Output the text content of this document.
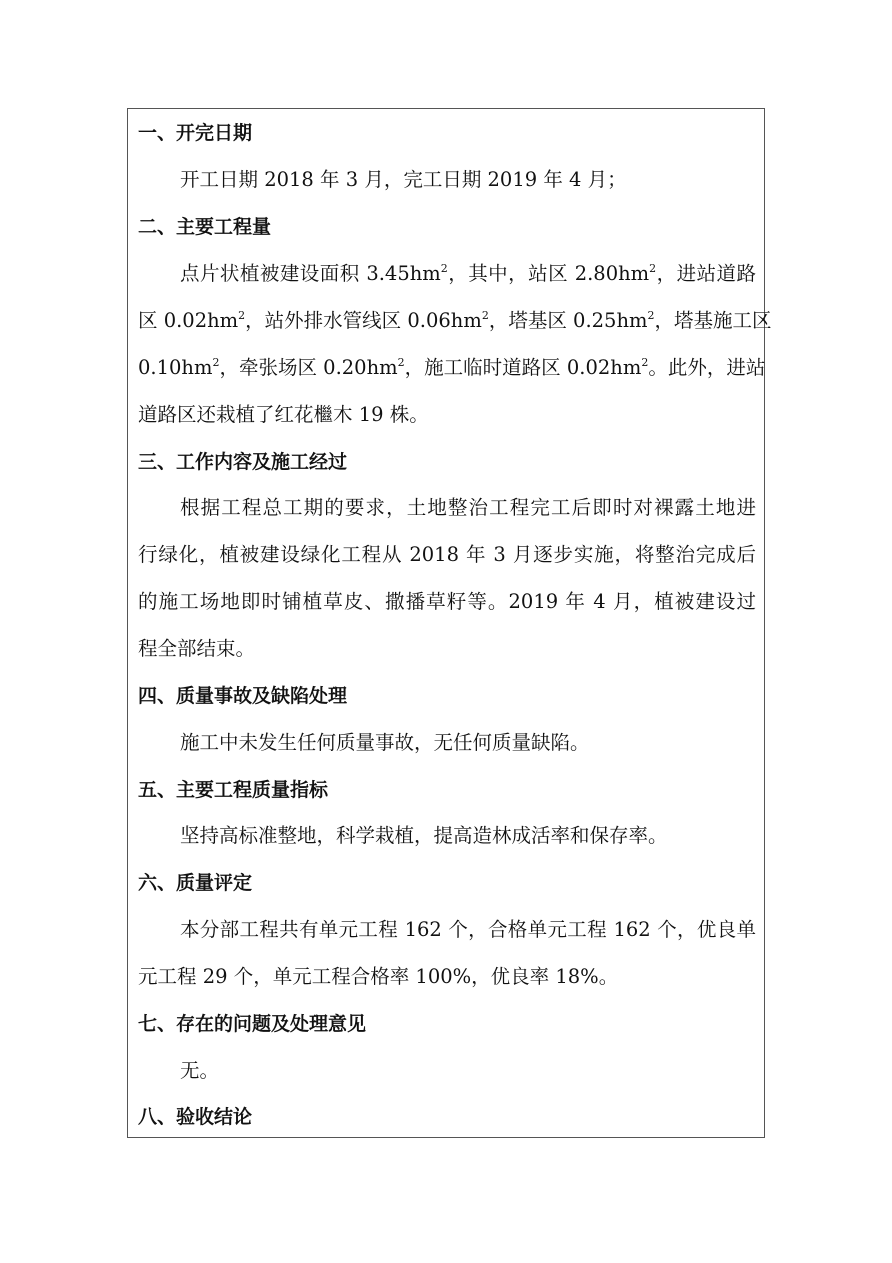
一、开完日期
开工日期 2018 年 3 月，完工日期 2019 年 4 月；
二、主要工程量
点片状植被建设面积 $3.45hm^2$，其中，站区 $2.80hm^2$，进站道路
区 $0.02hm^2$，站外排水管线区 $0.06hm^2$，塔基区 $0.25hm^2$，塔基施工区
$0.10hm^2$，牵张场区 $0.20hm^2$，施工临时道路区 $0.02hm^2$。此外，进站
道路区还栽植了红花檵木 19 株。
三、工作内容及施工经过
根据工程总工期的要求，土地整治工程完工后即时对裸露土地进
行绿化，植被建设绿化工程从 2018 年 3 月逐步实施，将整治完成后
的施工场地即时铺植草皮、撒播草籽等。2019 年 4 月，植被建设过
程全部结束。
四、质量事故及缺陷处理
施工中未发生任何质量事故，无任何质量缺陷。
五、主要工程质量指标
坚持高标准整地，科学栽植，提高造林成活率和保存率。
六、质量评定
本分部工程共有单元工程 162 个，合格单元工程 162 个，优良单
元工程 29 个，单元工程合格率 100%，优良率 18%。
七、存在的问题及处理意见
无。
八、验收结论
